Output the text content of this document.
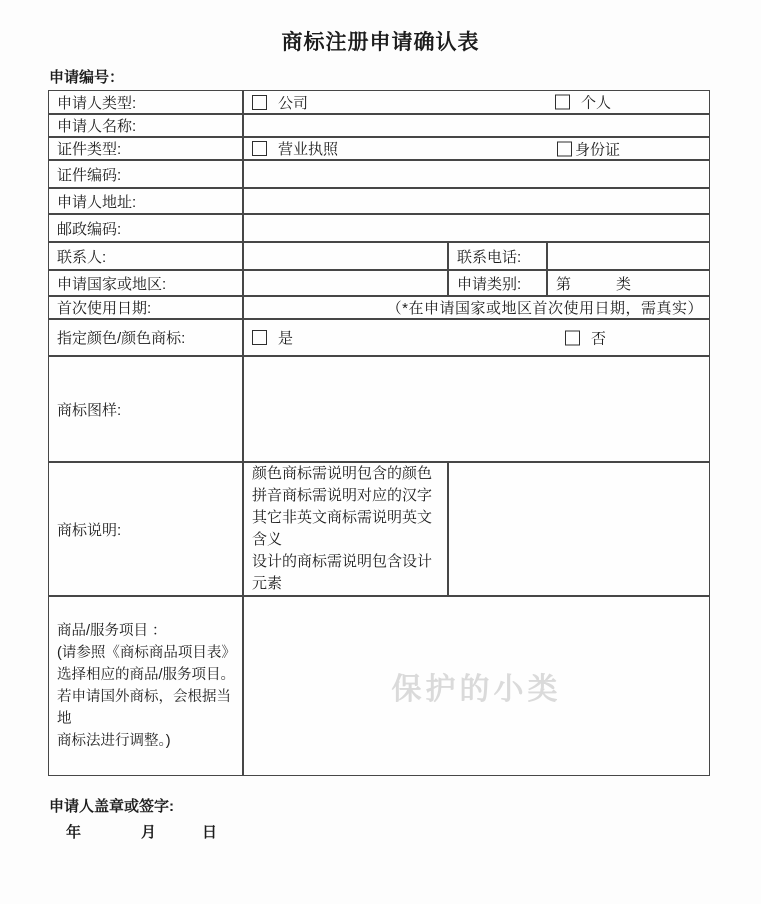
商标注册申请确认表
申请编号：
申请人类型:	公司 个人		

申请人名称:			
证件类型:	营业执照 身份证		

证件编码:			
申请人地址:			
邮政编码:			
联系人:		联系电话:	
申请国家或地区:		申请类别:	第　　　类
首次使用日期:	（*在申请国家或地区首次使用日期，需真实）		
指定颜色/颜色商标:	是 否		

商标图样:			
商标说明:	
颜色商标需说明包含的颜色
拼音商标需说明对应的汉字
其它非英文商标需说明英文
含义
设计的商标需说明包含设计
元素

商品/服务项目 ：
(请参照《商标商品项目表》
选择相应的商品/服务项目。
若申请国外商标，会根据当地
商标法进行调整。)	保护的小类		
申请人盖章或签字:
年	月	日
